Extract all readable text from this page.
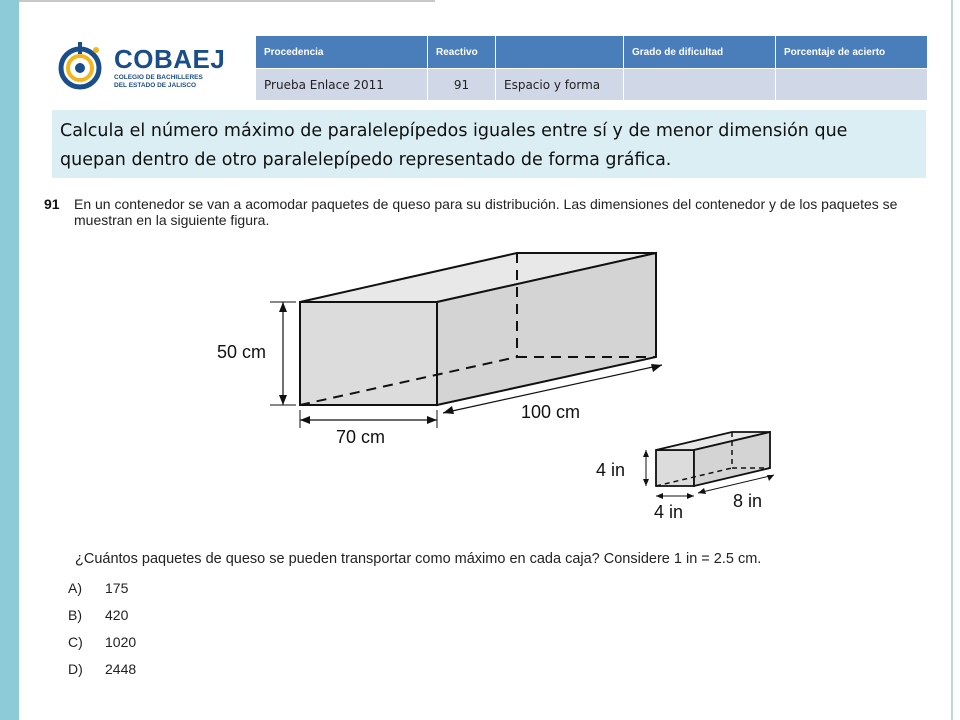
COBAEJ
COLEGIO DE BACHILLERES
DEL ESTADO DE JALISCO
Procedencia	Reactivo		Grado de dificultad	Porcentaje de acierto
Prueba Enlace 2011	91	Espacio y forma		
Calcula el número máximo de paralelepípedos iguales entre sí y de menor dimensión que quepan dentro de otro paralelepípedo representado de forma gráfica.
91 En un contenedor se van a acomodar paquetes de queso para su distribución. Las dimensiones del contenedor y de los paquetes se muestran en la siguiente figura.
50 cm
70 cm
100 cm
4 in
4 in
8 in
¿Cuántos paquetes de queso se pueden transportar como máximo en cada caja? Considere 1 in = 2.5 cm.
A) 175
B) 420
C) 1020
D) 2448
